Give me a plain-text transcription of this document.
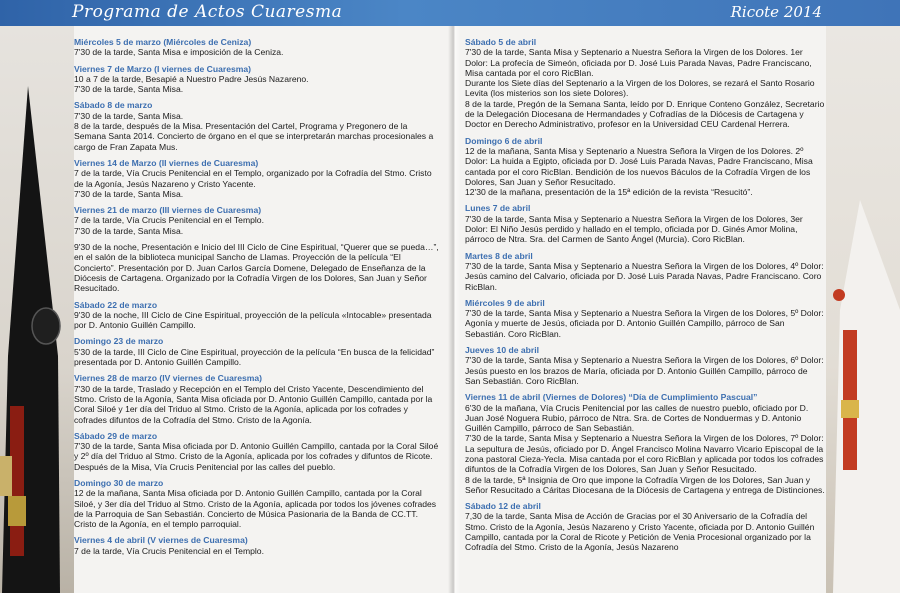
Programa de Actos Cuaresma	Ricote 2014
Miércoles 5 de marzo (Miércoles de Ceniza)
7'30 de la tarde, Santa Misa e imposición de la Ceniza.
Viernes 7 de Marzo (I viernes de Cuaresma)
10 a 7 de la tarde, Besapié a Nuestro Padre Jesús Nazareno.
7'30 de la tarde, Santa Misa.
Sábado 8 de marzo
7'30 de la tarde, Santa Misa.
8 de la tarde, después de la Misa. Presentación del Cartel, Programa y Pregonero de la Semana Santa 2014. Concierto de órgano en el que se interpretarán marchas procesionales a cargo de Fran Zapata Mus.
Viernes 14 de Marzo (II viernes de Cuaresma)
7 de la tarde, Vía Crucis Penitencial en el Templo, organizado por la Cofradía del Stmo. Cristo de la Agonía, Jesús Nazareno y Cristo Yacente.
7'30 de la tarde, Santa Misa.
Viernes 21 de marzo (III viernes de Cuaresma)
7 de la tarde, Vía Crucis Penitencial en el Templo.
7'30 de la tarde, Santa Misa.
9'30 de la noche, Presentación e Inicio del III Ciclo de Cine Espiritual, “Querer que se pueda…”, en el salón de la biblioteca municipal Sancho de Llamas. Proyección de la película “El Concierto”. Presentación por D. Juan Carlos García Domene, Delegado de Enseñanza de la Diócesis de Cartagena. Organizado por la Cofradía Virgen de los Dolores, San Juan y Señor Resucitado.
Sábado 22 de marzo
9'30 de la noche, III Ciclo de Cine Espiritual, proyección de la película «Intocable» presentada por D. Antonio Guillén Campillo.
Domingo 23 de marzo
5'30 de la tarde, III Ciclo de Cine Espiritual, proyección de la película “En busca de la felicidad” presentada por D. Antonio Guillén Campillo.
Viernes 28 de marzo (IV viernes de Cuaresma)
7'30 de la tarde, Traslado y Recepción en el Templo del Cristo Yacente, Descendimiento del Stmo. Cristo de la Agonía, Santa Misa oficiada por D. Antonio Guillén Campillo, cantada por la Coral Siloé y 1er día del Triduo al Stmo. Cristo de la Agonía, aplicada por los cofrades y cofrades difuntos de la Cofradía del Stmo. Cristo de la Agonía.
Sábado 29 de marzo
7'30 de la tarde, Santa Misa oficiada por D. Antonio Guillén Campillo, cantada por la Coral Siloé y 2º día del Triduo al Stmo. Cristo de la Agonía, aplicada por los cofrades y difuntos de Ricote.
Después de la Misa, Vía Crucis Penitencial por las calles del pueblo.
Domingo 30 de marzo
12 de la mañana, Santa Misa oficiada por D. Antonio Guillén Campillo, cantada por la Coral Siloé, y 3er día del Triduo al Stmo. Cristo de la Agonía, aplicada por todos los jóvenes cofrades de la Parroquia de San Sebastián. Concierto de Música Pasionaria de la Banda de CC.TT. Cristo de la Agonía, en el templo parroquial.
Viernes 4 de abril (V viernes de Cuaresma)
7 de la tarde, Vía Crucis Penitencial en el Templo.
Sábado 5 de abril
7'30 de la tarde, Santa Misa y Septenario a Nuestra Señora la Virgen de los Dolores. 1er Dolor: La profecía de Simeón, oficiada por D. José Luis Parada Navas, Padre Franciscano, Misa cantada por el coro RicBlan.
Durante los Siete días del Septenario a la Virgen de los Dolores, se rezará el Santo Rosario Levita (los misterios son los siete Dolores).
8 de la tarde, Pregón de la Semana Santa, leído por D. Enrique Conteno González, Secretario de la Delegación Diocesana de Hermandades y Cofradías de la Diócesis de Cartagena y Doctor en Derecho Administrativo, profesor en la Universidad CEU Cardenal Herrera.
Domingo 6 de abril
12 de la mañana, Santa Misa y Septenario a Nuestra Señora la Virgen de los Dolores. 2º Dolor: La huida a Egipto, oficiada por D. José Luis Parada Navas, Padre Franciscano, Misa cantada por el coro RicBlan. Bendición de los nuevos Báculos de la Cofradía Virgen de los Dolores, San Juan y Señor Resucitado.
12'30 de la mañana, presentación de la 15ª edición de la revista “Resucitó”.
Lunes 7 de abril
7'30 de la tarde, Santa Misa y Septenario a Nuestra Señora la Virgen de los Dolores, 3er Dolor: El Niño Jesús perdido y hallado en el templo, oficiada por D. Ginés Amor Molina, párroco de Ntra. Sra. del Carmen de Santo Ángel (Murcia). Coro RicBlan.
Martes 8 de abril
7'30 de la tarde, Santa Misa y Septenario a Nuestra Señora la Virgen de los Dolores, 4º Dolor: Jesús camino del Calvario, oficiada por D. José Luis Parada Navas, Padre Franciscano. Coro RicBlan.
Miércoles 9 de abril
7'30 de la tarde, Santa Misa y Septenario a Nuestra Señora la Virgen de los Dolores, 5º Dolor: Agonía y muerte de Jesús, oficiada por D. Antonio Guillén Campillo, párroco de San Sebastián. Coro RicBlan.
Jueves 10 de abril
7'30 de la tarde, Santa Misa y Septenario a Nuestra Señora la Virgen de los Dolores, 6º Dolor: Jesús puesto en los brazos de María, oficiada por D. Antonio Guillén Campillo, párroco de San Sebastián. Coro RicBlan.
Viernes 11 de abril (Viernes de Dolores) “Día de Cumplimiento Pascual”
6'30 de la mañana, Vía Crucis Penitencial por las calles de nuestro pueblo, oficiado por D. Juan José Noguera Rubio, párroco de Ntra. Sra. de Cortes de Nonduermas y D. Antonio Guillén Campillo, párroco de San Sebastián.
7'30 de la tarde, Santa Misa y Septenario a Nuestra Señora la Virgen de los Dolores, 7º Dolor: La sepultura de Jesús, oficiado por D. Ángel Francisco Molina Navarro Vicario Episcopal de la zona pastoral Cieza-Yecla. Misa cantada por el coro RicBlan y aplicada por todos los cofrades difuntos de la Cofradía Virgen de los Dolores, San Juan y Señor Resucitado.
8 de la tarde, 5ª Insignia de Oro que impone la Cofradía Virgen de los Dolores, San Juan y Señor Resucitado a Cáritas Diocesana de la Diócesis de Cartagena y entrega de Distinciones.
Sábado 12 de abril
7,30 de la tarde, Santa Misa de Acción de Gracias por el 30 Aniversario de la Cofradía del Stmo. Cristo de la Agonía, Jesús Nazareno y Cristo Yacente, oficiada por D. Antonio Guillén Campillo, cantada por la Coral de Ricote y Petición de Venia Procesional organizado por la Cofradía del Stmo. Cristo de la Agonía, Jesús Nazareno
